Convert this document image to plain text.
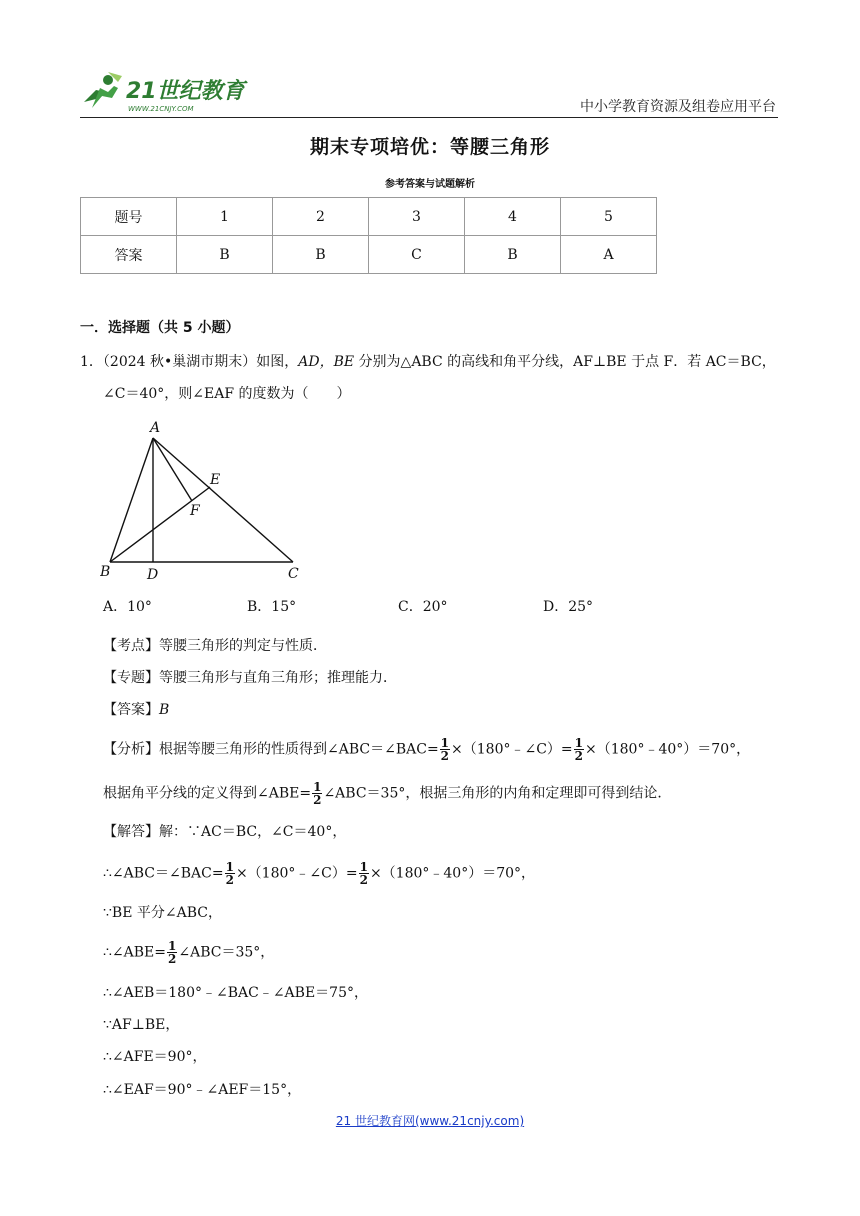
21世纪教育
WWW.21CNJY.COM	中小学教育资源及组卷应用平台
期末专项培优：等腰三角形
参考答案与试题解析
题号	1	2	3	4	5
答案	B	B	C	B	A
一．选择题（共 5 小题）
1．（2024 秋•巢湖市期末）如图，AD，BE 分别为△ABC 的高线和角平分线，AF⊥BE 于点 F．若 AC＝BC，
∠C＝40°，则∠EAF 的度数为（　　）
A
B	C
D
E
F
A．10°	B．15°	C．20°	D．25°
【考点】等腰三角形的判定与性质．
【专题】等腰三角形与直角三角形；推理能力．
【答案】B
【分析】根据等腰三角形的性质得到∠ABC＝∠BAC= $\frac{1}{2}$ ×（180°﹣∠C）= $\frac{1}{2}$ ×（180°﹣40°）＝70°，
根据角平分线的定义得到∠ABE= $\frac{1}{2}$ ∠ABC＝35°，根据三角形的内角和定理即可得到结论．
【解答】解：∵AC＝BC，∠C＝40°，
∴∠ABC＝∠BAC= $\frac{1}{2}$ ×（180°﹣∠C）= $\frac{1}{2}$ ×（180°﹣40°）＝70°，
∵BE 平分∠ABC，
∴∠ABE= $\frac{1}{2}$ ∠ABC＝35°，
∴∠AEB＝180°﹣∠BAC﹣∠ABE＝75°，
∵AF⊥BE，
∴∠AFE＝90°，
∴∠EAF＝90°﹣∠AEF＝15°，
21 世纪教育网(www.21cnjy.com)
